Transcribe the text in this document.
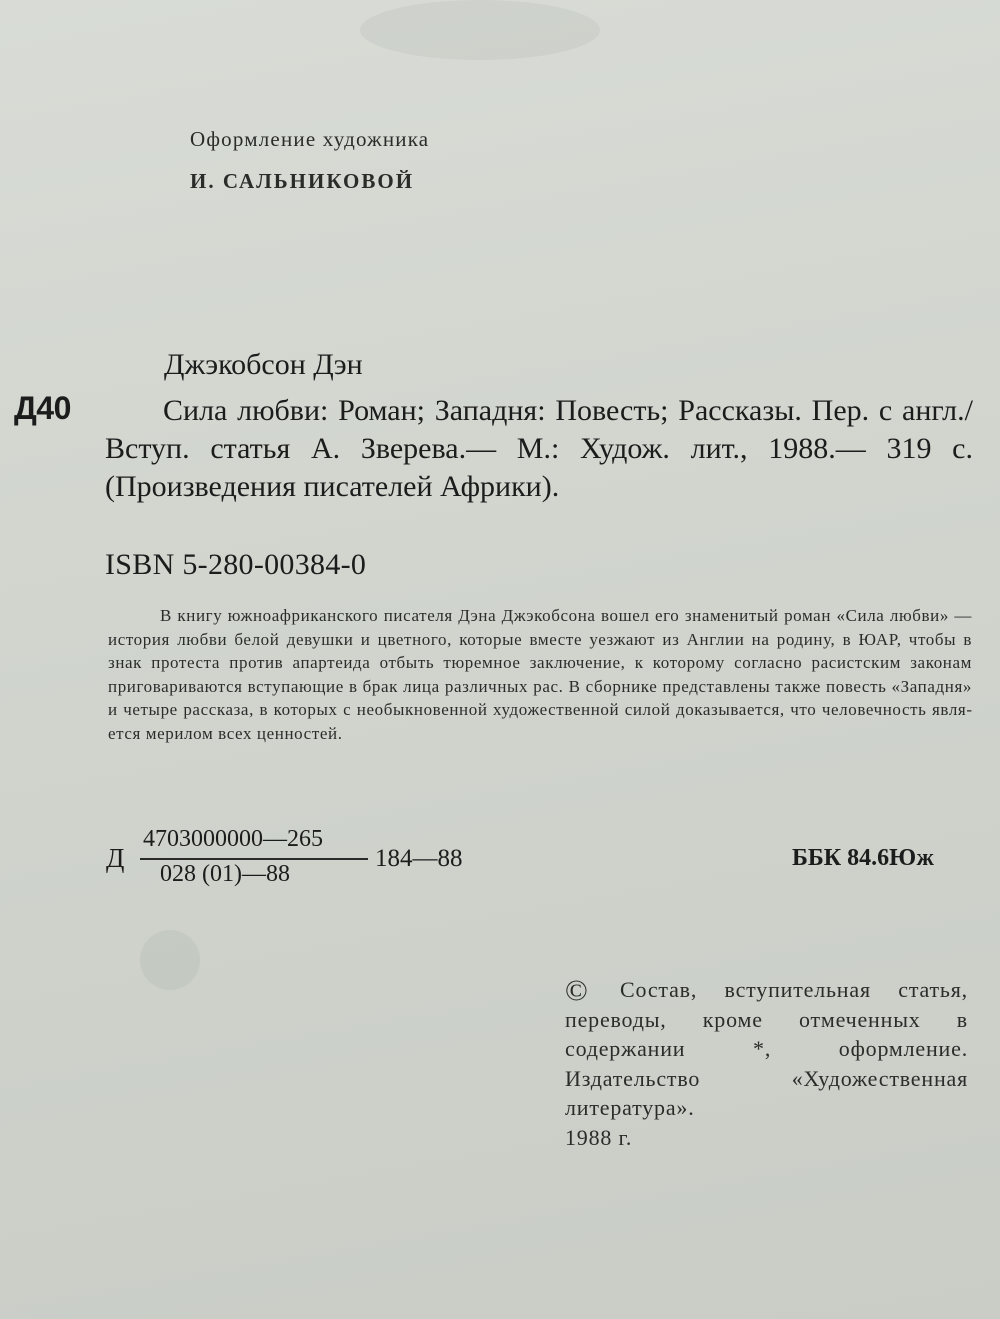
Оформление художника
И. САЛЬНИКОВОЙ
Д40
Джэкобсон Дэн

Сила любви: Роман; Западня: Повесть; Рассказы. Пер. с англ./Вступ. статья А. Зверева.— М.: Худож. лит., 1988.— 319 с. (Произведения писателей Африки).

ISBN 5-280-00384-0

В книгу южноафриканского писателя Дэна Джэкобсона вошел его знаменитый роман «Сила любви» — история любви белой девушки и цветного, которые вместе уезжают из Англии на родину, в ЮАР, чтобы в знак протеста против апартеида отбыть тюремное заключение, к которому согласно расистским законам приговариваются вступающие в брак лица различных рас. В сборнике представлены также повесть «Западня» и четыре рассказа, в которых с необыкновенной художественной силой доказывается, что человечность является мерилом всех ценностей.

Д
4703000000—265
028 (01)—88
184—88	ББК 84.6Юж
© Состав, вступительная статья, переводы, кроме отмеченных в содержании *, оформление. Издательство «Художественная литература».
1988 г.
